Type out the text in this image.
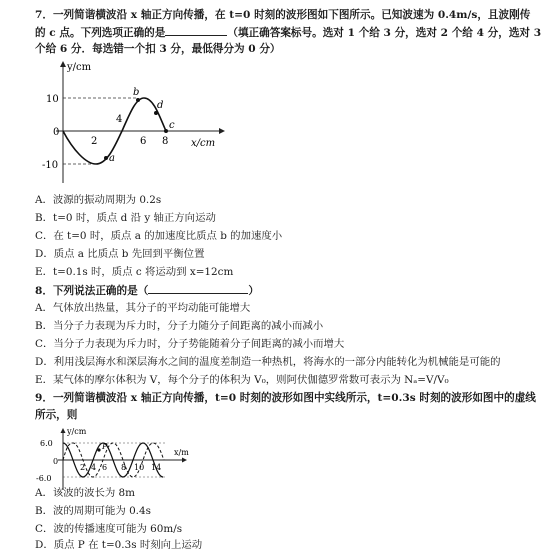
7．一列简谐横波沿 x 轴正方向传播，在 t=0 时刻的波形图如下图所示。已知波速为 0.4m/s，且波刚传
的 c 点。下列选项正确的是	（填正确答案标号。选对 1 个给 3 分，选对 2 个给 4 分，选对 3
个给 6 分．每选错一个扣 3 分，最低得分为 0 分）
y/cm
x/cm
10
0
-10
2
4
6 8
a
b
c
d
A．波源的振动周期为 0.2s
B．t=0 时，质点 d 沿 y 轴正方向运动
C．在 t=0 时，质点 a 的加速度比质点 b 的加速度小
D．质点 a 比质点 b 先回到平衡位置
E．t=0.1s 时，质点 c 将运动到 x=12cm
8．下列说法正确的是（	）
A．气体放出热量，其分子的平均动能可能增大
B．当分子力表现为斥力时，分子力随分子间距离的减小而减小
C．当分子力表现为斥力时，分子势能随着分子间距离的减小而增大
D．利用浅层海水和深层海水之间的温度差制造一种热机，将海水的一部分内能转化为机械能是可能的
E．某气体的摩尔体积为 V，每个分子的体积为 V₀，则阿伏伽德罗常数可表示为 Nₐ=V/V₀
9．一列简谐横波沿 x 轴正方向传播，t=0 时刻的波形如图中实线所示，t=0.3s 时刻的波形如图中的虚线
所示，则
P
y/cm
x/m
6.0
0
-6.0
2 4 6 8 10 14
A．该波的波长为 8m
B．波的周期可能为 0.4s
C．波的传播速度可能为 60m/s
D．质点 P 在 t=0.3s 时刻向上运动
